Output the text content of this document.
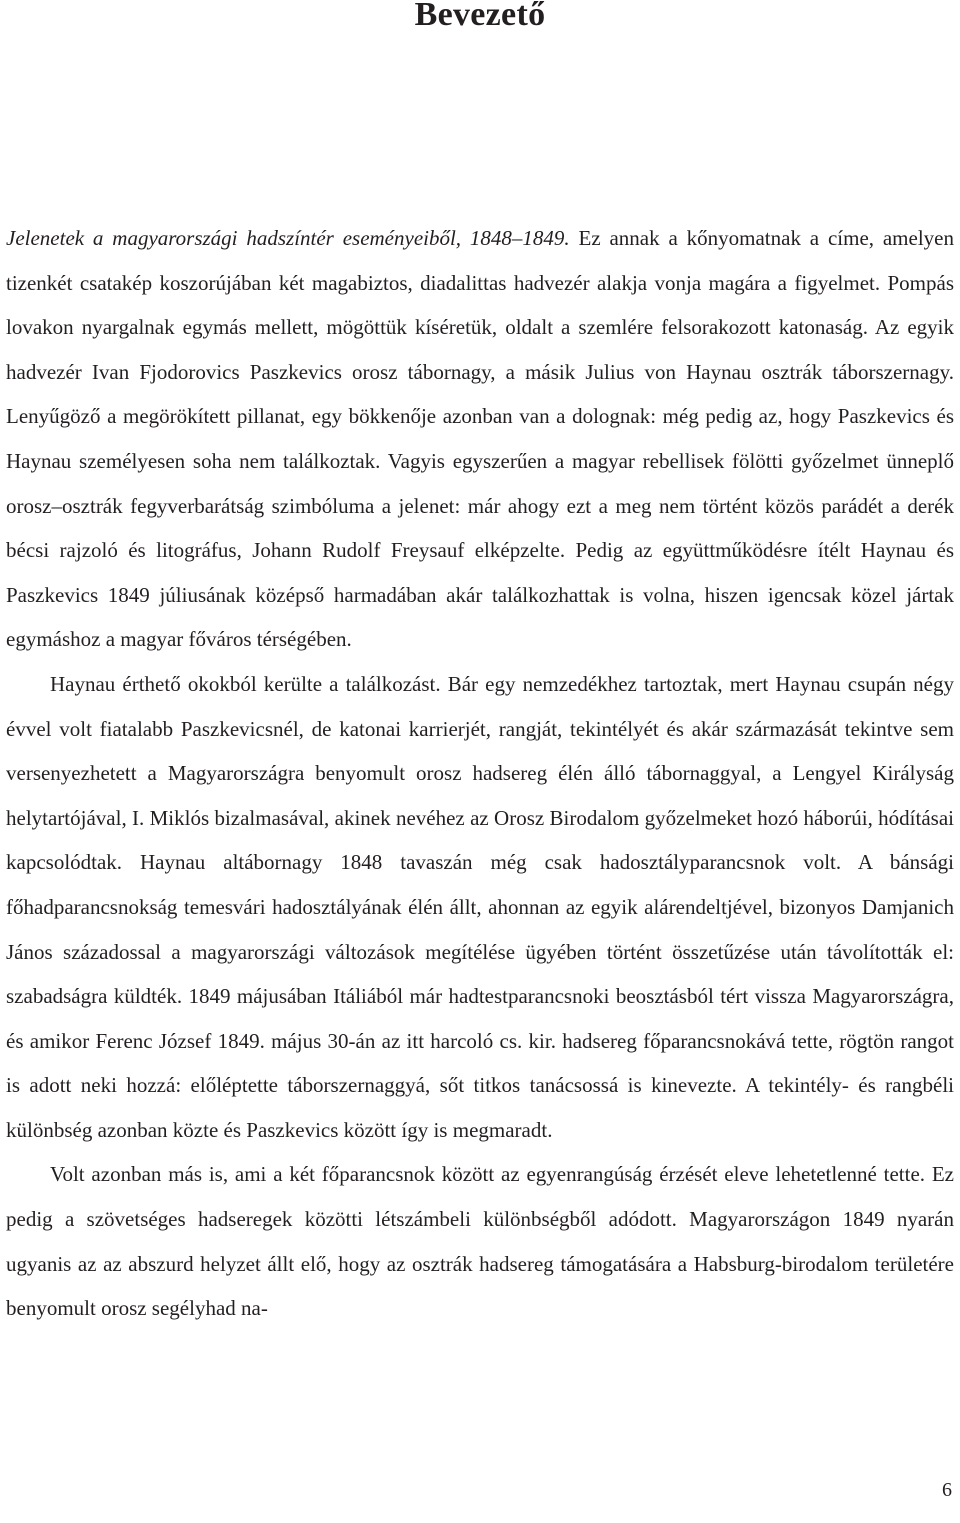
Bevezető

Jelenetek a magyarországi hadszíntér eseményeiből, 1848–1849. Ez annak a kőnyomatnak a címe, amelyen tizenkét csatakép koszorújában két magabiztos, diadalittas hadvezér alakja vonja magára a figyelmet. Pompás lovakon nyargalnak egymás mellett, mögöttük kíséretük, oldalt a szemlére felsorakozott katonaság. Az egyik hadvezér Ivan Fjodorovics Paszkevics orosz tábornagy, a másik Julius von Haynau osztrák táborszernagy. Lenyűgöző a megörökített pillanat, egy bökkenője azonban van a dolognak: még pedig az, hogy Paszkevics és Haynau személyesen soha nem találkoztak. Vagyis egyszerűen a magyar rebellisek fölötti győzelmet ünneplő orosz–osztrák fegyverbarátság szimbóluma a jelenet: már ahogy ezt a meg nem történt közös parádét a derék bécsi rajzoló és litográfus, Johann Rudolf Freysauf elképzelte. Pedig az együttműködésre ítélt Haynau és Paszkevics 1849 júliusának középső harmadában akár találkozhattak is volna, hiszen igencsak közel jártak egymáshoz a magyar főváros térségében.

Haynau érthető okokból kerülte a találkozást. Bár egy nemzedékhez tartoztak, mert Haynau csupán négy évvel volt fiatalabb Paszkevicsnél, de katonai karrierjét, rangját, tekintélyét és akár származását tekintve sem versenyezhetett a Magyarországra benyomult orosz hadsereg élén álló tábornaggyal, a Lengyel Királyság helytartójával, I. Miklós bizalmasával, akinek nevéhez az Orosz Birodalom győzelmeket hozó háborúi, hódításai kapcsolódtak. Haynau altábornagy 1848 tavaszán még csak hadosztályparancsnok volt. A bánsági főhadparancsnokság temesvári hadosztályának élén állt, ahonnan az egyik alárendeltjével, bizonyos Damjanich János századossal a magyarországi változások megítélése ügyében történt összetűzése után távolították el: szabadságra küldték. 1849 májusában Itáliából már hadtestparancsnoki beosztásból tért vissza Magyarországra, és amikor Ferenc József 1849. május 30-án az itt harcoló cs. kir. hadsereg főparancsnokává tette, rögtön rangot is adott neki hozzá: előléptette táborszernaggyá, sőt titkos tanácsossá is kinevezte. A tekintély- és rangbéli különbség azonban közte és Paszkevics között így is megmaradt.

Volt azonban más is, ami a két főparancsnok között az egyenrangúság érzését eleve lehetetlenné tette. Ez pedig a szövetséges hadseregek közötti létszámbeli különbségből adódott. Magyarországon 1849 nyarán ugyanis az az abszurd helyzet állt elő, hogy az osztrák hadsereg támogatására a Habsburg-birodalom területére benyomult orosz segélyhad na-

6
